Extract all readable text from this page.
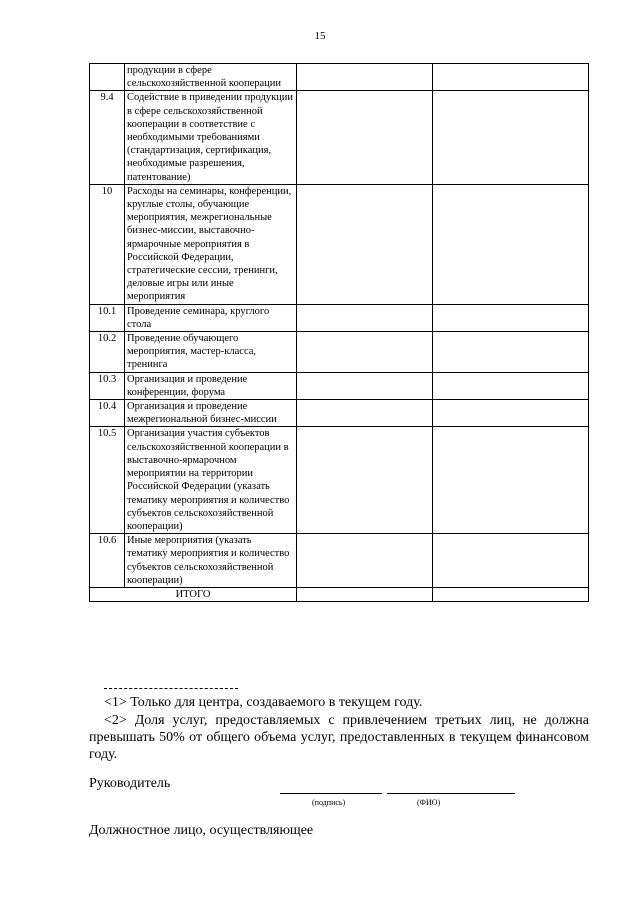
15
	продукции в сфере сельскохозяйственной кооперации		
9.4	Содействие в приведении продукции в сфере сельскохозяйственной кооперации в соответствие с необходимыми требованиями (стандартизация, сертификация, необходимые разрешения, патентование)		
10	Расходы на семинары, конференции, круглые столы, обучающие мероприятия, межрегиональные бизнес-миссии, выставочно-ярмарочные мероприятия в Российской Федерации, стратегические сессии, тренинги, деловые игры или иные мероприятия		
10.1	Проведение семинара, круглого стола		
10.2	Проведение обучающего мероприятия, мастер-класса, тренинга		
10.3	Организация и проведение конференции, форума		
10.4	Организация и проведение межрегиональной бизнес-миссии		
10.5	Организация участия субъектов сельскохозяйственной кооперации в выставочно-ярмарочном мероприятии на территории Российской Федерации (указать тематику мероприятия и количество субъектов сельскохозяйственной кооперации)		
10.6	Иные мероприятия (указать тематику мероприятия и количество субъектов сельскохозяйственной кооперации)		
ИТОГО			
<1> Только для центра, создаваемого в текущем году.
<2> Доля услуг, предоставляемых с привлечением третьих лиц, не должна превышать 50% от общего объема услуг, предоставленных в текущем финансовом году.
Руководитель
(подпись)	(ФИО)
Должностное лицо, осуществляющее
